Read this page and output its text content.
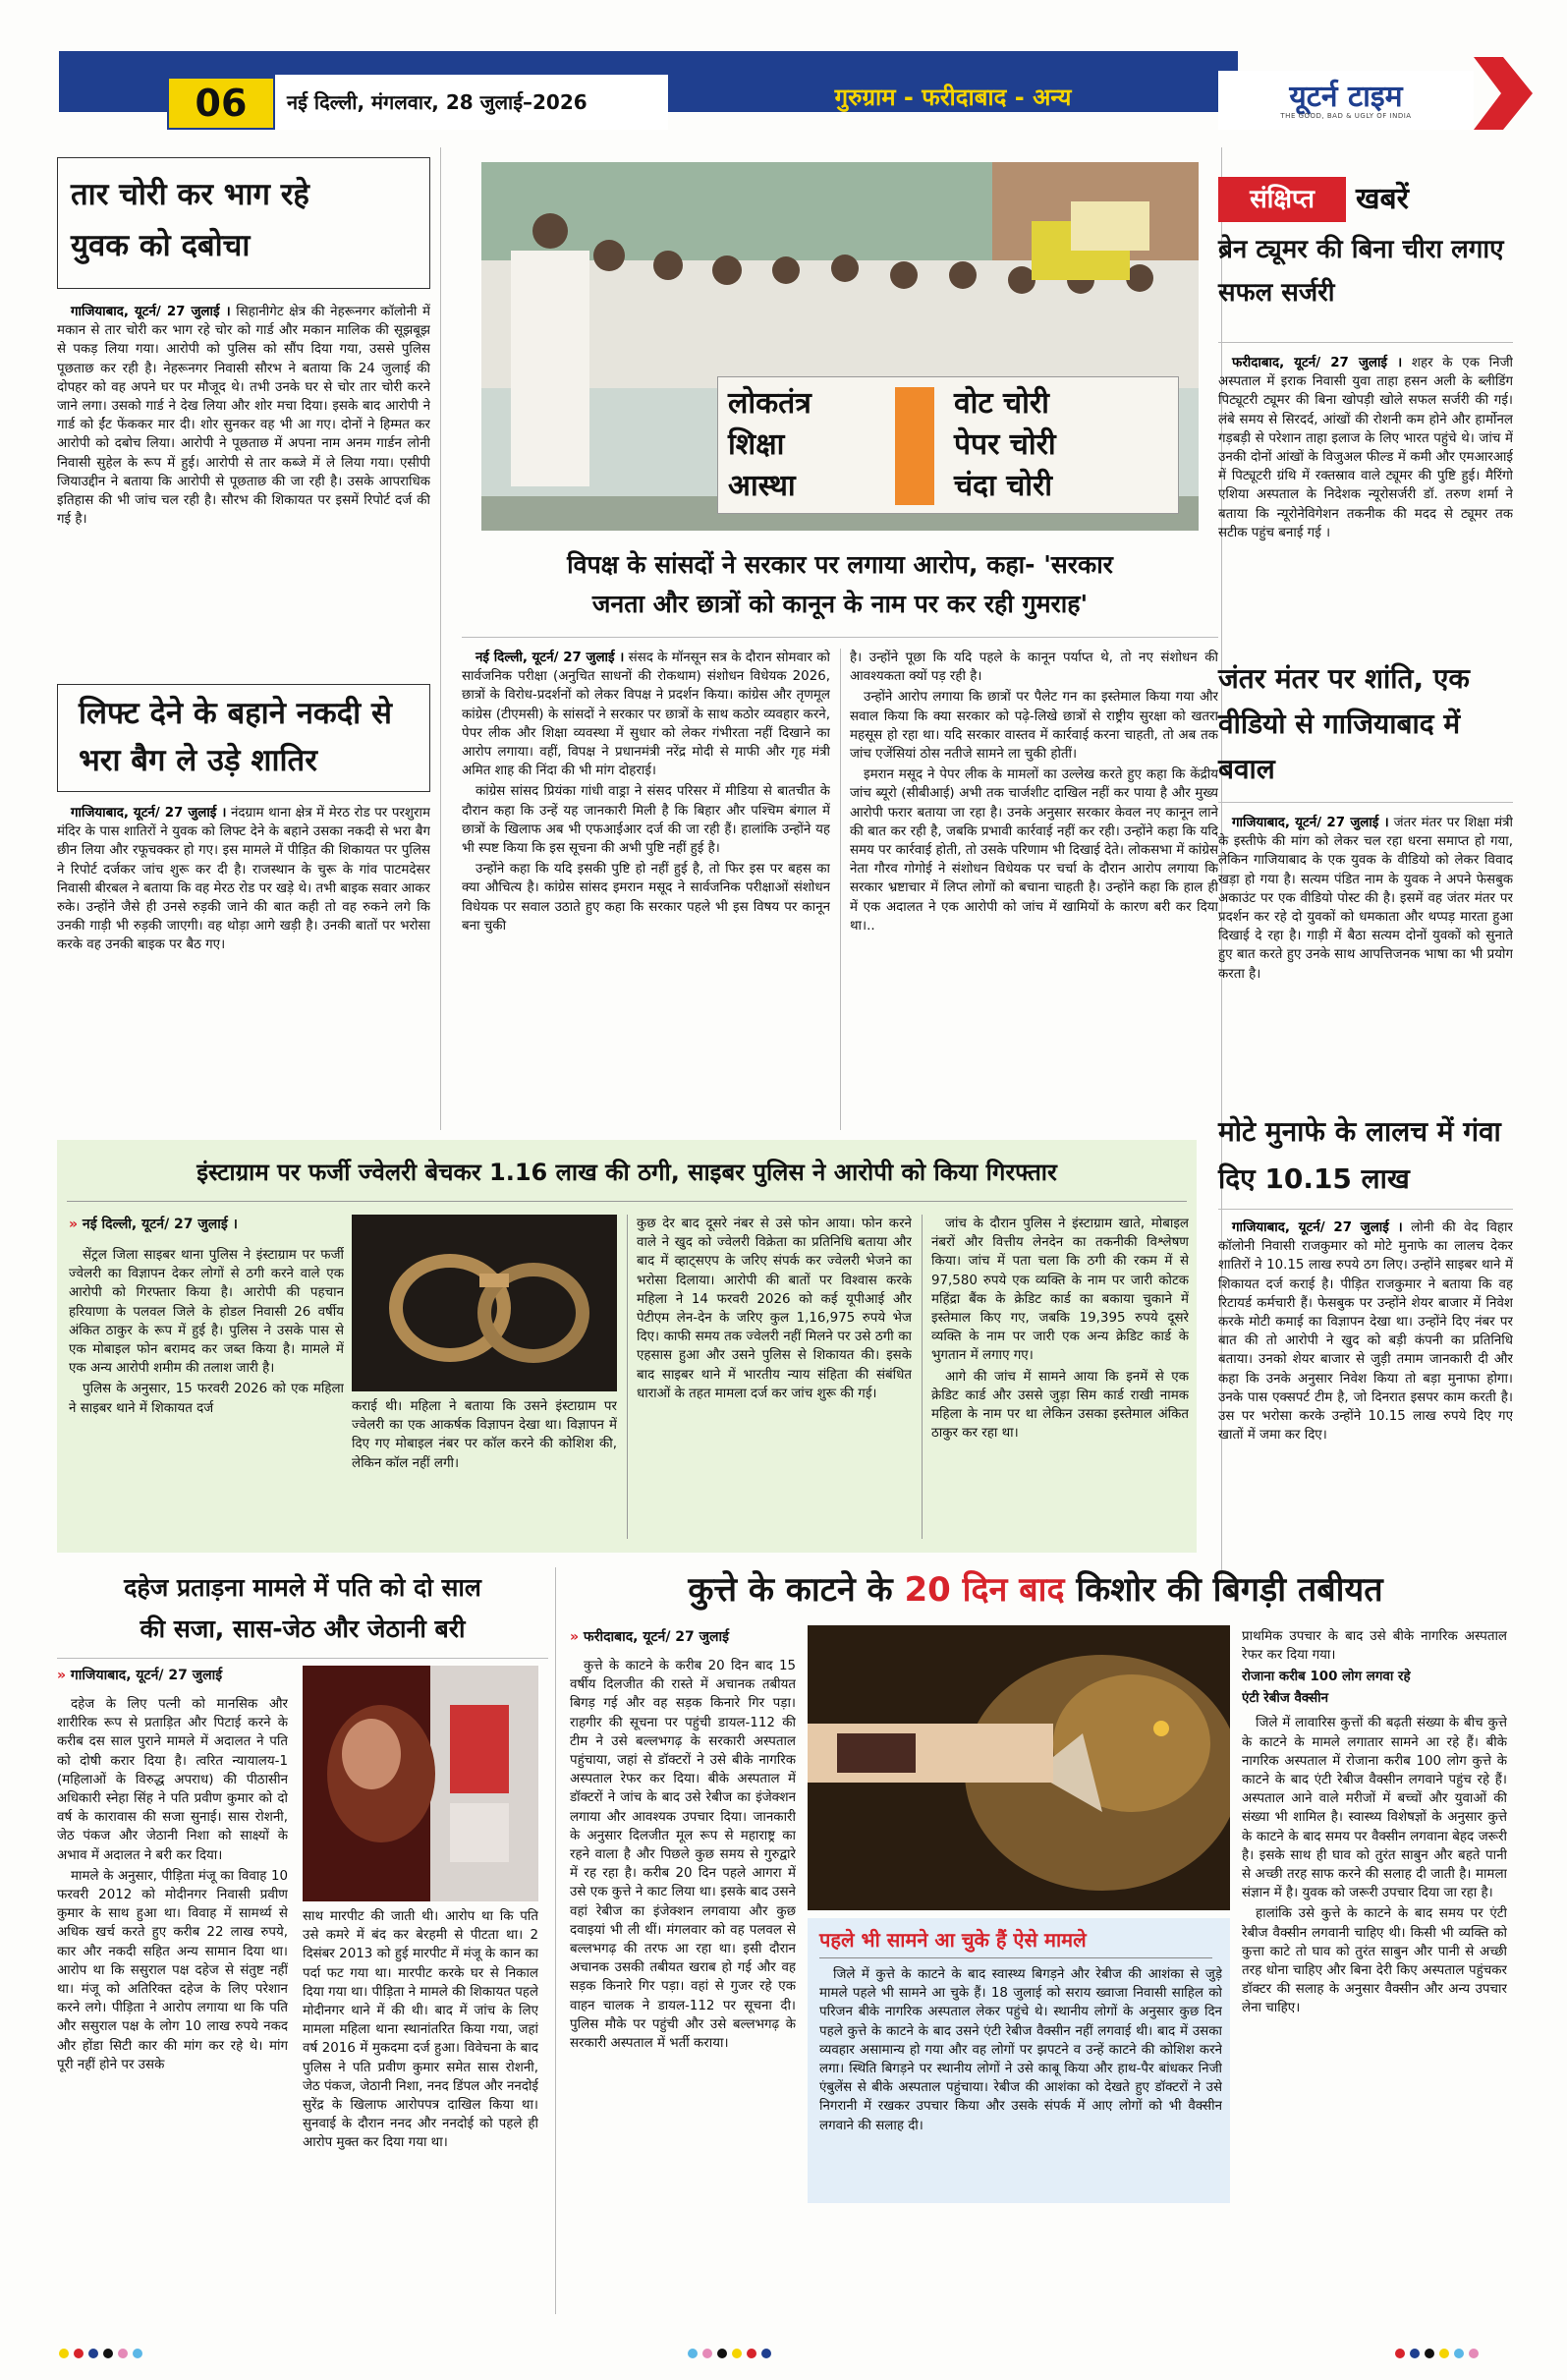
06	नई दिल्ली, मंगलवार, 28 जुलाई–2026	गुरुग्राम - फरीदाबाद - अन्य	यूटर्न टाइम
THE GOOD, BAD & UGLY OF INDIA
तार चोरी कर भाग रहे युवक को दबोचा

गाजियाबाद, यूटर्न/ 27 जुलाई । सिहानीगेट क्षेत्र की नेहरूनगर कॉलोनी में मकान से तार चोरी कर भाग रहे चोर को गार्ड और मकान मालिक की सूझबूझ से पकड़ लिया गया। आरोपी को पुलिस को सौंप दिया गया, उससे पुलिस पूछताछ कर रही है। नेहरूनगर निवासी सौरभ ने बताया कि 24 जुलाई की दोपहर को वह अपने घर पर मौजूद थे। तभी उनके घर से चोर तार चोरी करने जाने लगा। उसको गार्ड ने देख लिया और शोर मचा दिया। इसके बाद आरोपी ने गार्ड को ईंट फेंककर मार दी। शोर सुनकर वह भी आ गए। दोनों ने हिम्मत कर आरोपी को दबोच लिया। आरोपी ने पूछताछ में अपना नाम अनम गार्डन लोनी निवासी सुहेल के रूप में हुई। आरोपी से तार कब्जे में ले लिया गया। एसीपी जियाउद्दीन ने बताया कि आरोपी से पूछताछ की जा रही है। उसके आपराधिक इतिहास की भी जांच चल रही है। सौरभ की शिकायत पर इसमें रिपोर्ट दर्ज की गई है।

लिफ्ट देने के बहाने नकदी से भरा बैग ले उड़े शातिर

गाजियाबाद, यूटर्न/ 27 जुलाई । नंदग्राम थाना क्षेत्र में मेरठ रोड पर परशुराम मंदिर के पास शातिरों ने युवक को लिफ्ट देने के बहाने उसका नकदी से भरा बैग छीन लिया और रफूचक्कर हो गए। इस मामले में पीड़ित की शिकायत पर पुलिस ने रिपोर्ट दर्जकर जांच शुरू कर दी है। राजस्थान के चुरू के गांव पाटमदेसर निवासी बीरबल ने बताया कि वह मेरठ रोड पर खड़े थे। तभी बाइक सवार आकर रुके। उन्होंने जैसे ही उनसे रुड़की जाने की बात कही तो वह रुकने लगे कि उनकी गाड़ी भी रुड़की जाएगी। वह थोड़ा आगे खड़ी है। उनकी बातों पर भरोसा करके वह उनकी बाइक पर बैठ गए।

लोकतंत्र
शिक्षा
आस्था
वोट चोरी
पेपर चोरी
चंदा चोरी
विपक्ष के सांसदों ने सरकार पर लगाया आरोप, कहा- 'सरकार
जनता और छात्रों को कानून के नाम पर कर रही गुमराह'

नई दिल्ली, यूटर्न/ 27 जुलाई । संसद के मॉनसून सत्र के दौरान सोमवार को सार्वजनिक परीक्षा (अनुचित साधनों की रोकथाम) संशोधन विधेयक 2026, छात्रों के विरोध-प्रदर्शनों को लेकर विपक्ष ने प्रदर्शन किया। कांग्रेस और तृणमूल कांग्रेस (टीएमसी) के सांसदों ने सरकार पर छात्रों के साथ कठोर व्यवहार करने, पेपर लीक और शिक्षा व्यवस्था में सुधार को लेकर गंभीरता नहीं दिखाने का आरोप लगाया। वहीं, विपक्ष ने प्रधानमंत्री नरेंद्र मोदी से माफी और गृह मंत्री अमित शाह की निंदा की भी मांग दोहराई।

कांग्रेस सांसद प्रियंका गांधी वाड्रा ने संसद परिसर में मीडिया से बातचीत के दौरान कहा कि उन्हें यह जानकारी मिली है कि बिहार और पश्चिम बंगाल में छात्रों के खिलाफ अब भी एफआईआर दर्ज की जा रही हैं। हालांकि उन्होंने यह भी स्पष्ट किया कि इस सूचना की अभी पुष्टि नहीं हुई है।

उन्होंने कहा कि यदि इसकी पुष्टि हो नहीं हुई है, तो फिर इस पर बहस का क्या औचित्य है। कांग्रेस सांसद इमरान मसूद ने सार्वजनिक परीक्षाओं संशोधन विधेयक पर सवाल उठाते हुए कहा कि सरकार पहले भी इस विषय पर कानून बना चुकी

है। उन्होंने पूछा कि यदि पहले के कानून पर्याप्त थे, तो नए संशोधन की आवश्यकता क्यों पड़ रही है।

उन्होंने आरोप लगाया कि छात्रों पर पैलेट गन का इस्तेमाल किया गया और सवाल किया कि क्या सरकार को पढ़े-लिखे छात्रों से राष्ट्रीय सुरक्षा को खतरा महसूस हो रहा था। यदि सरकार वास्तव में कार्रवाई करना चाहती, तो अब तक जांच एजेंसियां ठोस नतीजे सामने ला चुकी होतीं।

इमरान मसूद ने पेपर लीक के मामलों का उल्लेख करते हुए कहा कि केंद्रीय जांच ब्यूरो (सीबीआई) अभी तक चार्जशीट दाखिल नहीं कर पाया है और मुख्य आरोपी फरार बताया जा रहा है। उनके अनुसार सरकार केवल नए कानून लाने की बात कर रही है, जबकि प्रभावी कार्रवाई नहीं कर रही। उन्होंने कहा कि यदि समय पर कार्रवाई होती, तो उसके परिणाम भी दिखाई देते। लोकसभा में कांग्रेस नेता गौरव गोगोई ने संशोधन विधेयक पर चर्चा के दौरान आरोप लगाया कि सरकार भ्रष्टाचार में लिप्त लोगों को बचाना चाहती है। उन्होंने कहा कि हाल ही में एक अदालत ने एक आरोपी को जांच में खामियों के कारण बरी कर दिया था।..

संक्षिप्त	खबरें
ब्रेन ट्यूमर की बिना चीरा लगाए सफल सर्जरी

फरीदाबाद, यूटर्न/ 27 जुलाई । शहर के एक निजी अस्पताल में इराक निवासी युवा ताहा हसन अली के ब्लीडिंग पिट्यूटरी ट्यूमर की बिना खोपड़ी खोले सफल सर्जरी की गई। लंबे समय से सिरदर्द, आंखों की रोशनी कम होने और हार्मोनल गड़बड़ी से परेशान ताहा इलाज के लिए भारत पहुंचे थे। जांच में उनकी दोनों आंखों के विजुअल फील्ड में कमी और एमआरआई में पिट्यूटरी ग्रंथि में रक्तस्राव वाले ट्यूमर की पुष्टि हुई। मैरिंगो एशिया अस्पताल के निदेशक न्यूरोसर्जरी डॉ. तरुण शर्मा ने बताया कि न्यूरोनेविगेशन तकनीक की मदद से ट्यूमर तक सटीक पहुंच बनाई गई ।

जंतर मंतर पर शांति, एक वीडियो से गाजियाबाद में बवाल

गाजियाबाद, यूटर्न/ 27 जुलाई । जंतर मंतर पर शिक्षा मंत्री के इस्तीफे की मांग को लेकर चल रहा धरना समाप्त हो गया, लेकिन गाजियाबाद के एक युवक के वीडियो को लेकर विवाद खड़ा हो गया है। सत्यम पंडित नाम के युवक ने अपने फेसबुक अकाउंट पर एक वीडियो पोस्ट की है। इसमें वह जंतर मंतर पर प्रदर्शन कर रहे दो युवकों को धमकाता और थप्पड़ मारता हुआ दिखाई दे रहा है। गाड़ी में बैठा सत्यम दोनों युवकों को सुनाते हुए बात करते हुए उनके साथ आपत्तिजनक भाषा का भी प्रयोग करता है।

मोटे मुनाफे के लालच में गंवा दिए 10.15 लाख

गाजियाबाद, यूटर्न/ 27 जुलाई । लोनी की वेद विहार कॉलोनी निवासी राजकुमार को मोटे मुनाफे का लालच देकर शातिरों ने 10.15 लाख रुपये ठग लिए। उन्होंने साइबर थाने में शिकायत दर्ज कराई है। पीड़ित राजकुमार ने बताया कि वह रिटायर्ड कर्मचारी हैं। फेसबुक पर उन्होंने शेयर बाजार में निवेश करके मोटी कमाई का विज्ञापन देखा था। उन्होंने दिए नंबर पर बात की तो आरोपी ने खुद को बड़ी कंपनी का प्रतिनिधि बताया। उनको शेयर बाजार से जुड़ी तमाम जानकारी दी और कहा कि उनके अनुसार निवेश किया तो बड़ा मुनाफा होगा। उनके पास एक्सपर्ट टीम है, जो दिनरात इसपर काम करती है। उस पर भरोसा करके उन्होंने 10.15 लाख रुपये दिए गए खातों में जमा कर दिए।

इंस्टाग्राम पर फर्जी ज्वेलरी बेचकर 1.16 लाख की ठगी, साइबर पुलिस ने आरोपी को किया गिरफ्तार
» नई दिल्ली, यूटर्न/ 27 जुलाई ।

सेंट्रल जिला साइबर थाना पुलिस ने इंस्टाग्राम पर फर्जी ज्वेलरी का विज्ञापन देकर लोगों से ठगी करने वाले एक आरोपी को गिरफ्तार किया है। आरोपी की पहचान हरियाणा के पलवल जिले के होडल निवासी 26 वर्षीय अंकित ठाकुर के रूप में हुई है। पुलिस ने उसके पास से एक मोबाइल फोन बरामद कर जब्त किया है। मामले में एक अन्य आरोपी शमीम की तलाश जारी है।

पुलिस के अनुसार, 15 फरवरी 2026 को एक महिला ने साइबर थाने में शिकायत दर्ज	कराई थी। महिला ने बताया कि उसने इंस्टाग्राम पर ज्वेलरी का एक आकर्षक विज्ञापन देखा था। विज्ञापन में दिए गए मोबाइल नंबर पर कॉल करने की कोशिश की, लेकिन कॉल नहीं लगी।

कुछ देर बाद दूसरे नंबर से उसे फोन आया। फोन करने वाले ने खुद को ज्वेलरी विक्रेता का प्रतिनिधि बताया और बाद में व्हाट्सएप के जरिए संपर्क कर ज्वेलरी भेजने का भरोसा दिलाया। आरोपी की बातों पर विश्वास करके महिला ने 14 फरवरी 2026 को कई यूपीआई और पेटीएम लेन-देन के जरिए कुल 1,16,975 रुपये भेज दिए। काफी समय तक ज्वेलरी नहीं मिलने पर उसे ठगी का एहसास हुआ और उसने पुलिस से शिकायत की। इसके बाद साइबर थाने में भारतीय न्याय संहिता की संबंधित धाराओं के तहत मामला दर्ज कर जांच शुरू की गई।

जांच के दौरान पुलिस ने इंस्टाग्राम खाते, मोबाइल नंबरों और वित्तीय लेनदेन का तकनीकी विश्लेषण किया। जांच में पता चला कि ठगी की रकम में से 97,580 रुपये एक व्यक्ति के नाम पर जारी कोटक महिंद्रा बैंक के क्रेडिट कार्ड का बकाया चुकाने में इस्तेमाल किए गए, जबकि 19,395 रुपये दूसरे व्यक्ति के नाम पर जारी एक अन्य क्रेडिट कार्ड के भुगतान में लगाए गए।

आगे की जांच में सामने आया कि इनमें से एक क्रेडिट कार्ड और उससे जुड़ा सिम कार्ड राखी नामक महिला के नाम पर था लेकिन उसका इस्तेमाल अंकित ठाकुर कर रहा था।

दहेज प्रताड़ना मामले में पति को दो साल
की सजा, सास-जेठ और जेठानी बरी
» गाजियाबाद, यूटर्न/ 27 जुलाई

दहेज के लिए पत्नी को मानसिक और शारीरिक रूप से प्रताड़ित और पिटाई करने के करीब दस साल पुराने मामले में अदालत ने पति को दोषी करार दिया है। त्वरित न्यायालय-1 (महिलाओं के विरुद्ध अपराध) की पीठासीन अधिकारी स्नेहा सिंह ने पति प्रवीण कुमार को दो वर्ष के कारावास की सजा सुनाई। सास रोशनी, जेठ पंकज और जेठानी निशा को साक्ष्यों के अभाव में अदालत ने बरी कर दिया।

मामले के अनुसार, पीड़िता मंजू का विवाह 10 फरवरी 2012 को मोदीनगर निवासी प्रवीण कुमार के साथ हुआ था। विवाह में सामर्थ्य से अधिक खर्च करते हुए करीब 22 लाख रुपये, कार और नकदी सहित अन्य सामान दिया था। आरोप था कि ससुराल पक्ष दहेज से संतुष्ट नहीं था। मंजू को अतिरिक्त दहेज के लिए परेशान करने लगे। पीड़िता ने आरोप लगाया था कि पति और ससुराल पक्ष के लोग 10 लाख रुपये नकद और होंडा सिटी कार की मांग कर रहे थे। मांग पूरी नहीं होने पर उसके

साथ मारपीट की जाती थी। आरोप था कि पति उसे कमरे में बंद कर बेरहमी से पीटता था। 2 दिसंबर 2013 को हुई मारपीट में मंजू के कान का पर्दा फट गया था। मारपीट करके घर से निकाल दिया गया था। पीड़िता ने मामले की शिकायत पहले मोदीनगर थाने में की थी। बाद में जांच के लिए मामला महिला थाना स्थानांतरित किया गया, जहां वर्ष 2016 में मुकदमा दर्ज हुआ। विवेचना के बाद पुलिस ने पति प्रवीण कुमार समेत सास रोशनी, जेठ पंकज, जेठानी निशा, ननद डिंपल और ननदोई सुरेंद्र के खिलाफ आरोपपत्र दाखिल किया था। सुनवाई के दौरान ननद और ननदोई को पहले ही आरोप मुक्त कर दिया गया था।

कुत्ते के काटने के 20 दिन बाद किशोर की बिगड़ी तबीयत
» फरीदाबाद, यूटर्न/ 27 जुलाई

कुत्ते के काटने के करीब 20 दिन बाद 15 वर्षीय दिलजीत की रास्ते में अचानक तबीयत बिगड़ गई और वह सड़क किनारे गिर पड़ा। राहगीर की सूचना पर पहुंची डायल-112 की टीम ने उसे बल्लभगढ़ के सरकारी अस्पताल पहुंचाया, जहां से डॉक्टरों ने उसे बीके नागरिक अस्पताल रेफर कर दिया। बीके अस्पताल में डॉक्टरों ने जांच के बाद उसे रेबीज का इंजेक्शन लगाया और आवश्यक उपचार दिया। जानकारी के अनुसार दिलजीत मूल रूप से महाराष्ट्र का रहने वाला है और पिछले कुछ समय से गुरुद्वारे में रह रहा है। करीब 20 दिन पहले आगरा में उसे एक कुत्ते ने काट लिया था। इसके बाद उसने वहां रेबीज का इंजेक्शन लगवाया और कुछ दवाइयां भी ली थीं। मंगलवार को वह पलवल से बल्लभगढ़ की तरफ आ रहा था। इसी दौरान अचानक उसकी तबीयत खराब हो गई और वह सड़क किनारे गिर पड़ा। वहां से गुजर रहे एक वाहन चालक ने डायल-112 पर सूचना दी। पुलिस मौके पर पहुंची और उसे बल्लभगढ़ के सरकारी अस्पताल में भर्ती कराया।

पहले भी सामने आ चुके हैं ऐसे मामले

जिले में कुत्ते के काटने के बाद स्वास्थ्य बिगड़ने और रेबीज की आशंका से जुड़े मामले पहले भी सामने आ चुके हैं। 18 जुलाई को सराय ख्वाजा निवासी साहिल को परिजन बीके नागरिक अस्पताल लेकर पहुंचे थे। स्थानीय लोगों के अनुसार कुछ दिन पहले कुत्ते के काटने के बाद उसने एंटी रेबीज वैक्सीन नहीं लगवाई थी। बाद में उसका व्यवहार असामान्य हो गया और वह लोगों पर झपटने व उन्हें काटने की कोशिश करने लगा। स्थिति बिगड़ने पर स्थानीय लोगों ने उसे काबू किया और हाथ-पैर बांधकर निजी एंबुलेंस से बीके अस्पताल पहुंचाया। रेबीज की आशंका को देखते हुए डॉक्टरों ने उसे निगरानी में रखकर उपचार किया और उसके संपर्क में आए लोगों को भी वैक्सीन लगवाने की सलाह दी।

प्राथमिक उपचार के बाद उसे बीके नागरिक अस्पताल रेफर कर दिया गया।

रोजाना करीब 100 लोग लगवा रहे
एंटी रेबीज वैक्सीन

जिले में लावारिस कुत्तों की बढ़ती संख्या के बीच कुत्ते के काटने के मामले लगातार सामने आ रहे हैं। बीके नागरिक अस्पताल में रोजाना करीब 100 लोग कुत्ते के काटने के बाद एंटी रेबीज वैक्सीन लगवाने पहुंच रहे हैं। अस्पताल आने वाले मरीजों में बच्चों और युवाओं की संख्या भी शामिल है। स्वास्थ्य विशेषज्ञों के अनुसार कुत्ते के काटने के बाद समय पर वैक्सीन लगवाना बेहद जरूरी है। इसके साथ ही घाव को तुरंत साबुन और बहते पानी से अच्छी तरह साफ करने की सलाह दी जाती है। मामला संज्ञान में है। युवक को जरूरी उपचार दिया जा रहा है।

हालांकि उसे कुत्ते के काटने के बाद समय पर एंटी रेबीज वैक्सीन लगवानी चाहिए थी। किसी भी व्यक्ति को कुत्ता काटे तो घाव को तुरंत साबुन और पानी से अच्छी तरह धोना चाहिए और बिना देरी किए अस्पताल पहुंचकर डॉक्टर की सलाह के अनुसार वैक्सीन और अन्य उपचार लेना चाहिए।
